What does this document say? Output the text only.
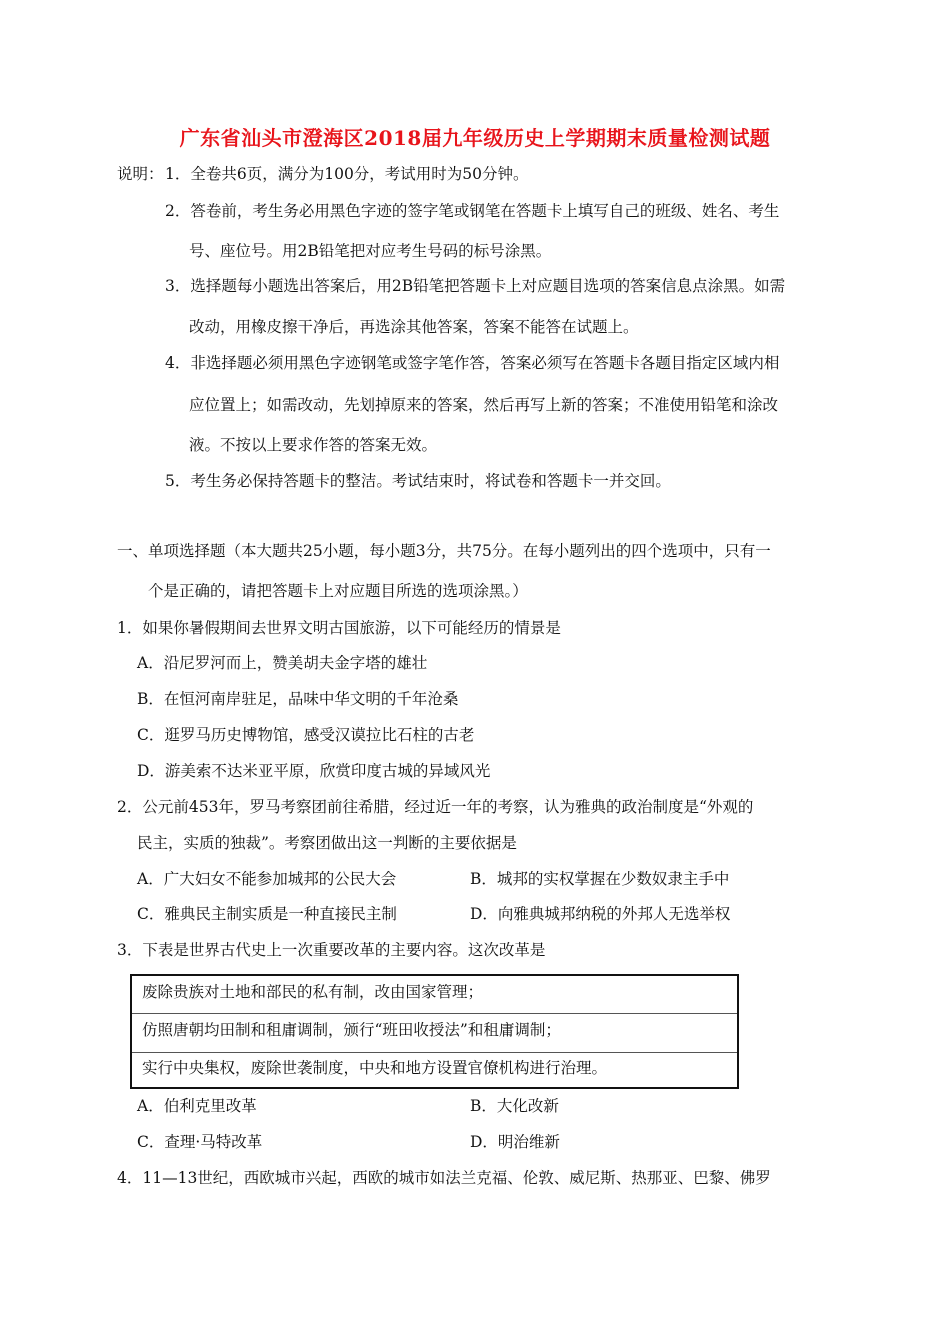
广东省汕头市澄海区2018届九年级历史上学期期末质量检测试题
说明： 1．全卷共6页，满分为100分，考试用时为50分钟。
2．答卷前，考生务必用黑色字迹的签字笔或钢笔在答题卡上填写自己的班级、姓名、考生
号、座位号。用2B铅笔把对应考生号码的标号涂黑。
3．选择题每小题选出答案后，用2B铅笔把答题卡上对应题目选项的答案信息点涂黑。如需
改动，用橡皮擦干净后，再选涂其他答案，答案不能答在试题上。
4．非选择题必须用黑色字迹钢笔或签字笔作答，答案必须写在答题卡各题目指定区域内相
应位置上；如需改动，先划掉原来的答案，然后再写上新的答案；不准使用铅笔和涂改
液。不按以上要求作答的答案无效。
5．考生务必保持答题卡的整洁。考试结束时，将试卷和答题卡一并交回。
一、单项选择题（本大题共25小题，每小题3分，共75分。在每小题列出的四个选项中，只有一
个是正确的，请把答题卡上对应题目所选的选项涂黑。）
1．如果你暑假期间去世界文明古国旅游，以下可能经历的情景是
A．沿尼罗河而上，赞美胡夫金字塔的雄壮
B．在恒河南岸驻足，品味中华文明的千年沧桑
C．逛罗马历史博物馆，感受汉谟拉比石柱的古老
D．游美索不达米亚平原，欣赏印度古城的异域风光
2．公元前453年，罗马考察团前往希腊，经过近一年的考察，认为雅典的政治制度是“外观的
民主，实质的独裁”。考察团做出这一判断的主要依据是
A．广大妇女不能参加城邦的公民大会	B．城邦的实权掌握在少数奴隶主手中
C．雅典民主制实质是一种直接民主制	D．向雅典城邦纳税的外邦人无选举权
3．下表是世界古代史上一次重要改革的主要内容。这次改革是
废除贵族对土地和部民的私有制，改由国家管理；
仿照唐朝均田制和租庸调制，颁行“班田收授法”和租庸调制；
实行中央集权，废除世袭制度，中央和地方设置官僚机构进行治理。
A．伯利克里改革	B．大化改新
C．查理·马特改革	D．明治维新
4．11—13世纪，西欧城市兴起，西欧的城市如法兰克福、伦敦、威尼斯、热那亚、巴黎、佛罗
